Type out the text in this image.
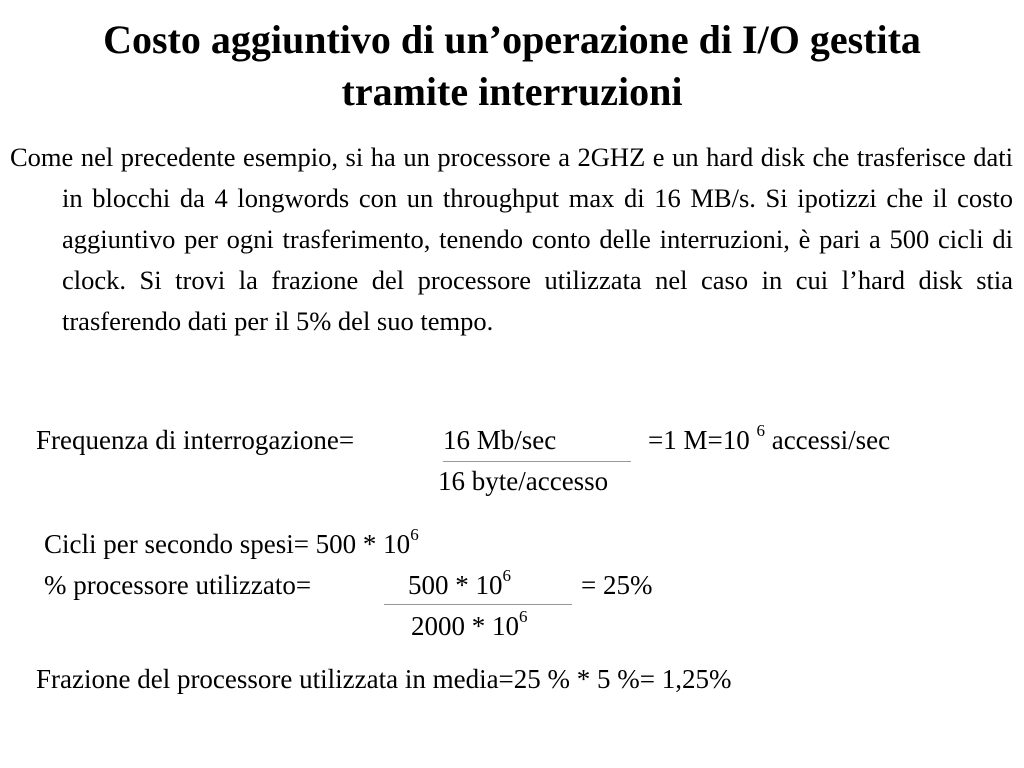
Costo aggiuntivo di un’operazione di I/O gestita
tramite interruzioni

Come nel precedente esempio, si ha un processore a 2GHZ e un hard disk che trasferisce dati in blocchi da 4 longwords con un throughput max di 16 MB/s. Si ipotizzi che il costo aggiuntivo per ogni trasferimento, tenendo conto delle interruzioni, è pari a 500 cicli di clock. Si trovi la frazione del processore utilizzata nel caso in cui l’hard disk stia trasferendo dati per il 5% del suo tempo.

Frequenza di interrogazione=	16 Mb/sec	=1 M=10 $^6$ accessi/sec
16 byte/accesso
Cicli per secondo spesi= $500 * 10^6$
% processore utilizzato=	$500 * 10^6$	= 25%
$2000 * 10^6$
Frazione del processore utilizzata in media=25 % * 5 %= 1,25%
